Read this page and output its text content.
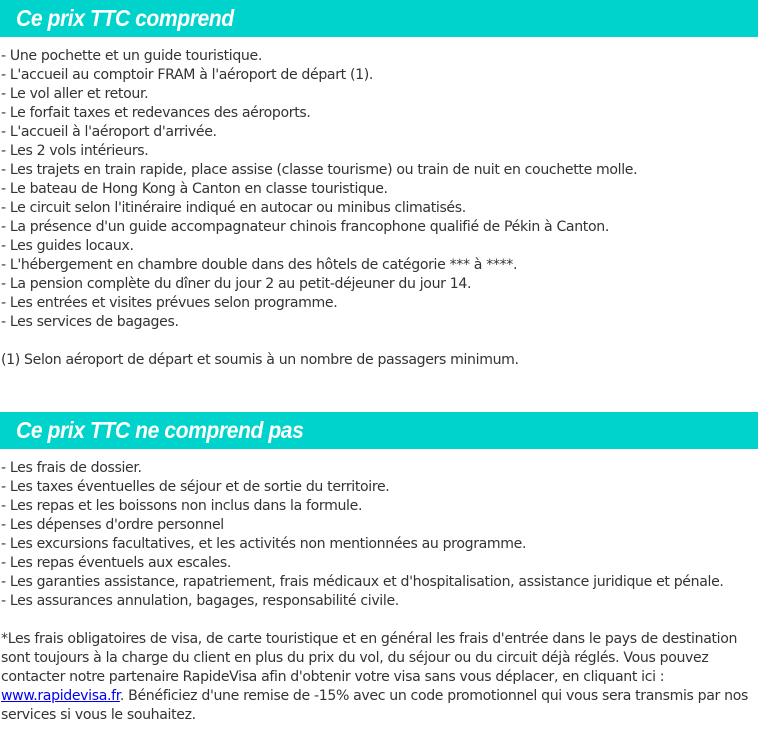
Ce prix TTC comprend
- Une pochette et un guide touristique.
- L'accueil au comptoir FRAM à l'aéroport de départ (1).
- Le vol aller et retour.
- Le forfait taxes et redevances des aéroports.
- L'accueil à l'aéroport d'arrivée.
- Les 2 vols intérieurs.
- Les trajets en train rapide, place assise (classe tourisme) ou train de nuit en couchette molle.
- Le bateau de Hong Kong à Canton en classe touristique.
- Le circuit selon l'itinéraire indiqué en autocar ou minibus climatisés.
- La présence d'un guide accompagnateur chinois francophone qualifié de Pékin à Canton.
- Les guides locaux.
- L'hébergement en chambre double dans des hôtels de catégorie *** à ****.
- La pension complète du dîner du jour 2 au petit-déjeuner du jour 14.
- Les entrées et visites prévues selon programme.
- Les services de bagages.
(1) Selon aéroport de départ et soumis à un nombre de passagers minimum.
Ce prix TTC ne comprend pas
- Les frais de dossier.
- Les taxes éventuelles de séjour et de sortie du territoire.
- Les repas et les boissons non inclus dans la formule.
- Les dépenses d'ordre personnel
- Les excursions facultatives, et les activités non mentionnées au programme.
- Les repas éventuels aux escales.
- Les garanties assistance, rapatriement, frais médicaux et d'hospitalisation, assistance juridique et pénale.
- Les assurances annulation, bagages, responsabilité civile.

*Les frais obligatoires de visa, de carte touristique et en général les frais d'entrée dans le pays de destination sont toujours à la charge du client en plus du prix du vol, du séjour ou du circuit déjà réglés. Vous pouvez contacter notre partenaire RapideVisa afin d'obtenir votre visa sans vous déplacer, en cliquant ici : www.rapidevisa.fr. Bénéficiez d'une remise de -15% avec un code promotionnel qui vous sera transmis par nos services si vous le souhaitez.
